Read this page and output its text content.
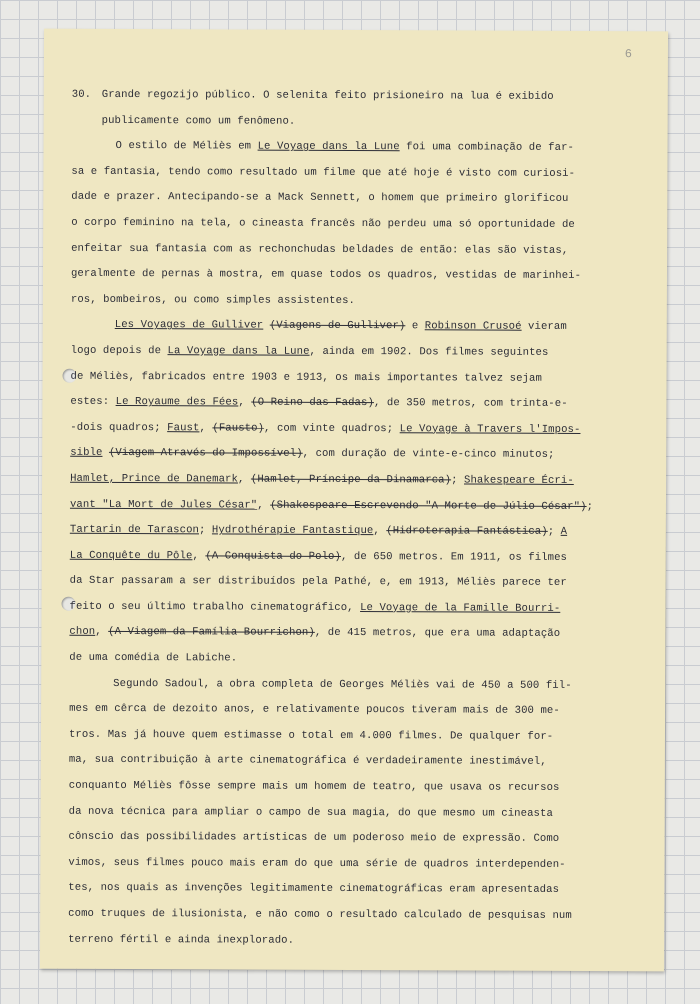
6
30. Grande regozijo público. O selenita feito prisioneiro na lua é exibido
publicamente como um fenômeno.
O estilo de Méliès em Le Voyage dans la Lune foi uma combinação de far-
sa e fantasia, tendo como resultado um filme que até hoje é visto com curiosi-
dade e prazer. Antecipando-se a Mack Sennett, o homem que primeiro glorificou
o corpo feminino na tela, o cineasta francês não perdeu uma só oportunidade de
enfeitar sua fantasia com as rechonchudas beldades de então: elas são vistas,
geralmente de pernas à mostra, em quase todos os quadros, vestidas de marinhei-
ros, bombeiros, ou como simples assistentes.
Les Voyages de Gulliver (Viagens de Gulliver) e Robinson Crusoé vieram
logo depois de La Voyage dans la Lune, ainda em 1902. Dos filmes seguintes
de Méliès, fabricados entre 1903 e 1913, os mais importantes talvez sejam
estes: Le Royaume des Fées, (O Reino das Fadas), de 350 metros, com trinta-e-
-dois quadros; Faust, (Fausto), com vinte quadros; Le Voyage à Travers l'Impos-
sible (Viagem Através do Impossível), com duração de vinte-e-cinco minutos;
Hamlet, Prince de Danemark, (Hamlet, Príncipe da Dinamarca); Shakespeare Écri-
vant "La Mort de Jules César", (Shakespeare Escrevendo "A Morte de Júlio César");
Tartarin de Tarascon; Hydrothérapie Fantastique, (Hidroterapia Fantástica); A
La Conquête du Pôle, (A Conquista do Polo), de 650 metros. Em 1911, os filmes
da Star passaram a ser distribuídos pela Pathé, e, em 1913, Méliès parece ter
feito o seu último trabalho cinematográfico, Le Voyage de la Famille Bourri-
chon, (A Viagem da Família Bourrichon), de 415 metros, que era uma adaptação
de uma comédia de Labiche.
Segundo Sadoul, a obra completa de Georges Méliès vai de 450 a 500 fil-
mes em cêrca de dezoito anos, e relativamente poucos tiveram mais de 300 me-
tros. Mas já houve quem estimasse o total em 4.000 filmes. De qualquer for-
ma, sua contribuição à arte cinematográfica é verdadeiramente inestimável,
conquanto Méliès fôsse sempre mais um homem de teatro, que usava os recursos
da nova técnica para ampliar o campo de sua magia, do que mesmo um cineasta
cônscio das possibilidades artísticas de um poderoso meio de expressão. Como
vimos, seus filmes pouco mais eram do que uma série de quadros interdependen-
tes, nos quais as invenções legitimamente cinematográficas eram apresentadas
como truques de ilusionista, e não como o resultado calculado de pesquisas num
terreno fértil e ainda inexplorado.
